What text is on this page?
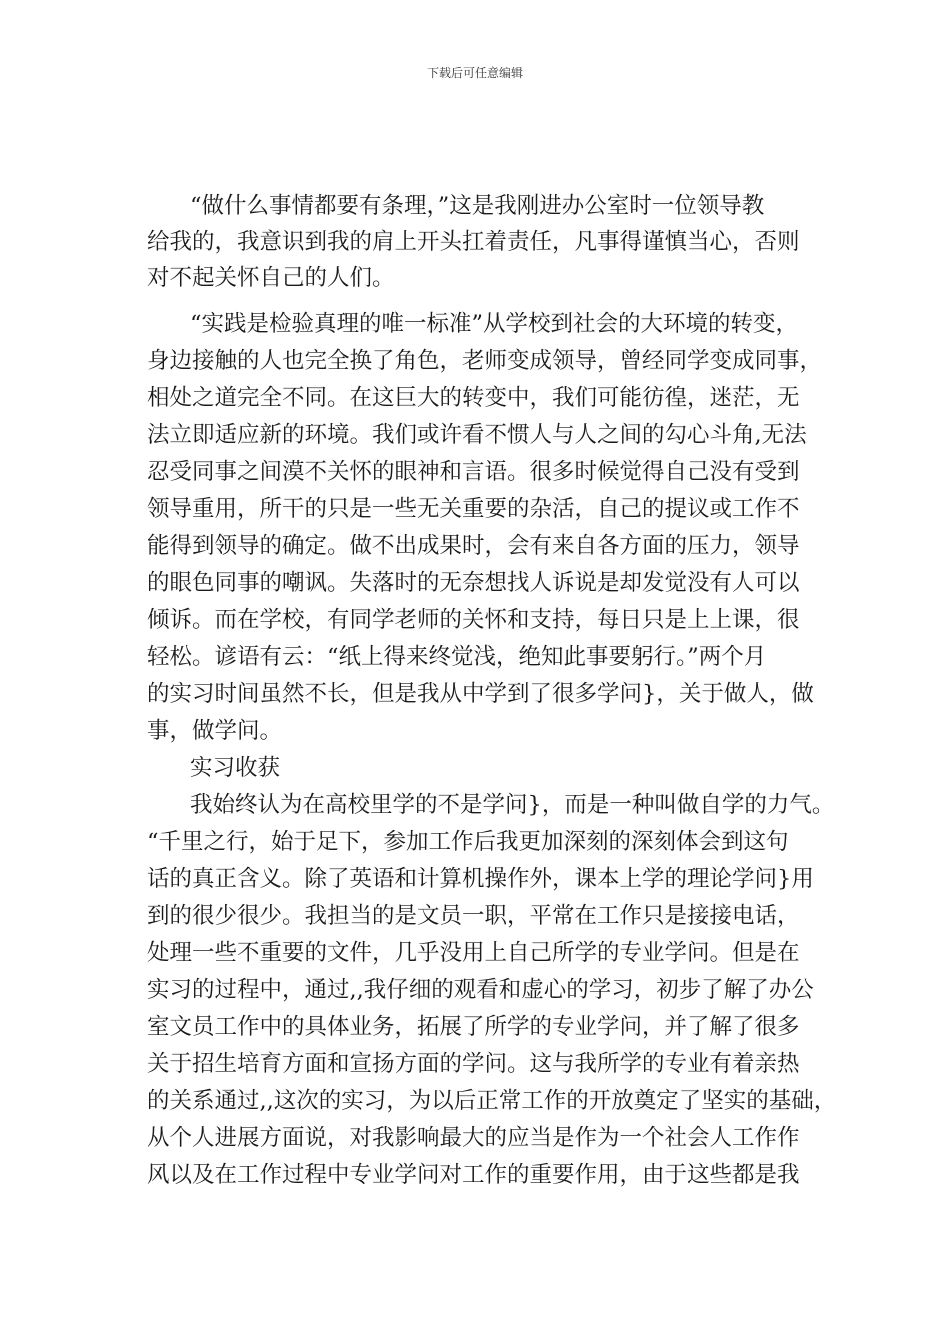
下载后可任意编辑
“做什么事情都要有条理，”这是我刚进办公室时一位领导教
给我的，我意识到我的肩上开头扛着责任，凡事得谨慎当心，否则
对不起关怀自己的人们。
“实践是检验真理的唯一标准”从学校到社会的大环境的转变，
身边接触的人也完全换了角色，老师变成领导，曾经同学变成同事，
相处之道完全不同。在这巨大的转变中，我们可能彷徨，迷茫，无
法立即适应新的环境。我们或许看不惯人与人之间的勾心斗角,无法
忍受同事之间漠不关怀的眼神和言语。很多时候觉得自己没有受到
领导重用，所干的只是一些无关重要的杂活，自己的提议或工作不
能得到领导的确定。做不出成果时，会有来自各方面的压力，领导
的眼色同事的嘲讽。失落时的无奈想找人诉说是却发觉没有人可以
倾诉。而在学校，有同学老师的关怀和支持，每日只是上上课，很
轻松。谚语有云：“纸上得来终觉浅，绝知此事要躬行。”两个月
的实习时间虽然不长，但是我从中学到了很多学问}，关于做人，做
事，做学问。
实习收获
我始终认为在高校里学的不是学问}，而是一种叫做自学的力气。
“千里之行，始于足下，参加工作后我更加深刻的深刻体会到这句
话的真正含义。除了英语和计算机操作外，课本上学的理论学问}用
到的很少很少。我担当的是文员一职，平常在工作只是接接电话，
处理一些不重要的文件，几乎没用上自己所学的专业学问。但是在
实习的过程中，通过,,我仔细的观看和虚心的学习，初步了解了办公
室文员工作中的具体业务，拓展了所学的专业学问，并了解了很多
关于招生培育方面和宣扬方面的学问。这与我所学的专业有着亲热
的关系通过,,这次的实习，为以后正常工作的开放奠定了坚实的基础，
从个人进展方面说，对我影响最大的应当是作为一个社会人工作作
风以及在工作过程中专业学问对工作的重要作用，由于这些都是我
